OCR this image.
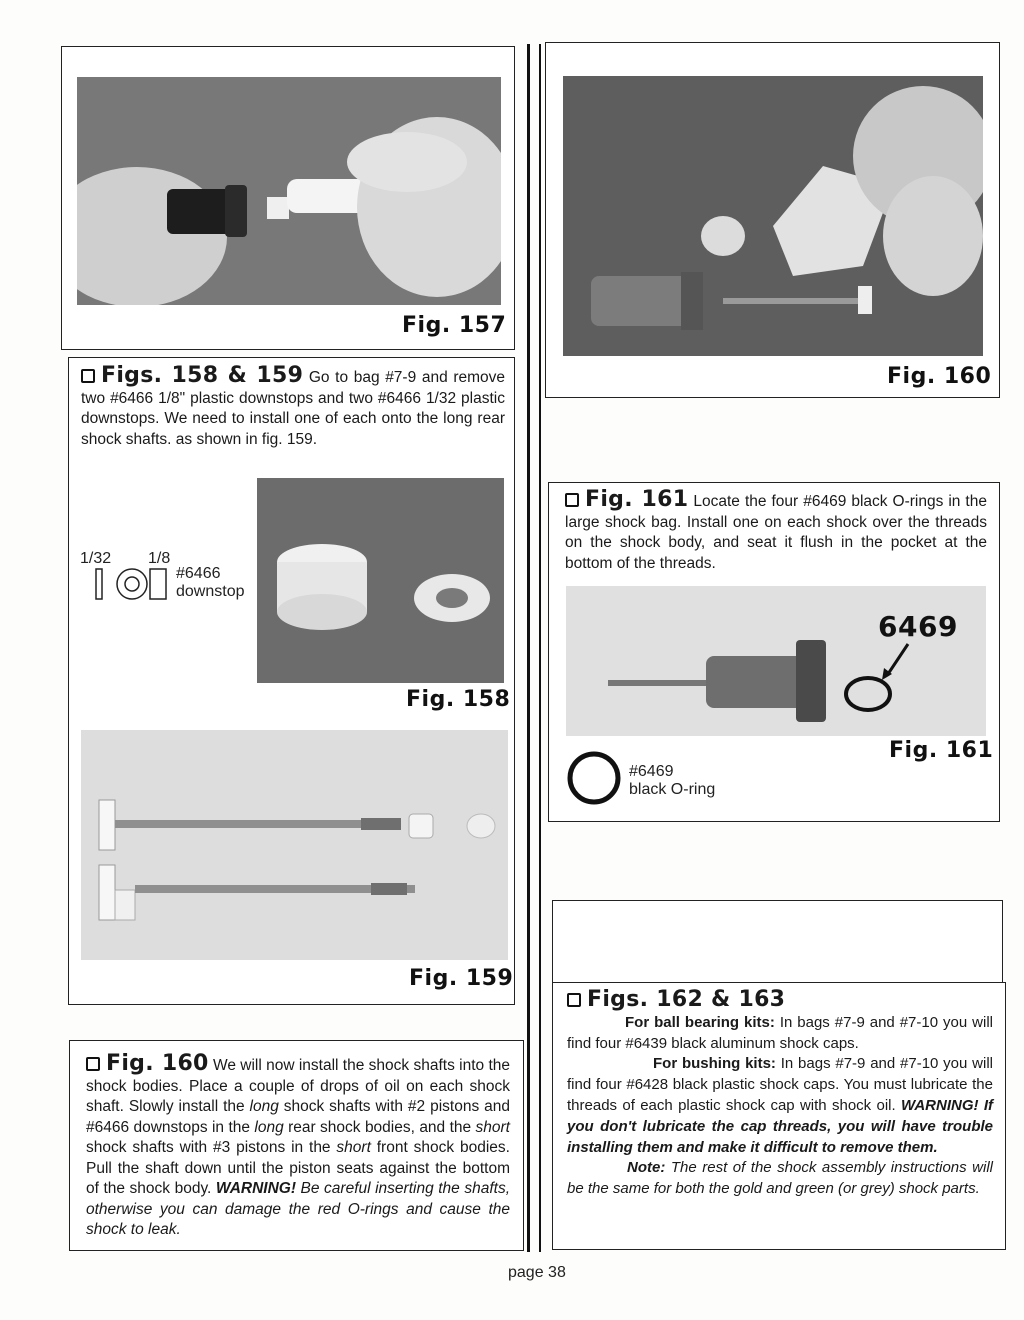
Fig. 157
Figs. 158 & 159 Go to bag #7-9 and remove two #6466 1/8" plastic downstops and two #6466 1/32 plastic downstops. We need to install one of each onto the long rear shock shafts. as shown in fig. 159.
1/32 1/8
#6466
downstop
Fig. 158
Fig. 159
Fig. 160 We will now install the shock shafts into the shock bodies. Place a couple of drops of oil on each shock shaft. Slowly install the long shock shafts with #2 pistons and #6466 downstops in the long rear shock bodies, and the short shock shafts with #3 pistons in the short front shock bodies. Pull the shaft down until the piston seats against the bottom of the shock body. WARNING! Be careful inserting the shafts, otherwise you can damage the red O-rings and cause the shock to leak.
Fig. 160
Fig. 161 Locate the four #6469 black O-rings in the large shock bag. Install one on each shock over the threads on the shock body, and seat it flush in the pocket at the bottom of the threads.
6469
Fig. 161
#6469
black O-ring
Figs. 162 & 163
For ball bearing kits: In bags #7-9 and #7-10 you will find four #6439 black aluminum shock caps.
For bushing kits: In bags #7-9 and #7-10 you will find four #6428 black plastic shock caps. You must lubricate the threads of each plastic shock cap with shock oil. WARNING! If you don't lubricate the cap threads, you will have trouble installing them and make it difficult to remove them.
Note: The rest of the shock assembly instructions will be the same for both the gold and green (or grey) shock parts.
page 38
